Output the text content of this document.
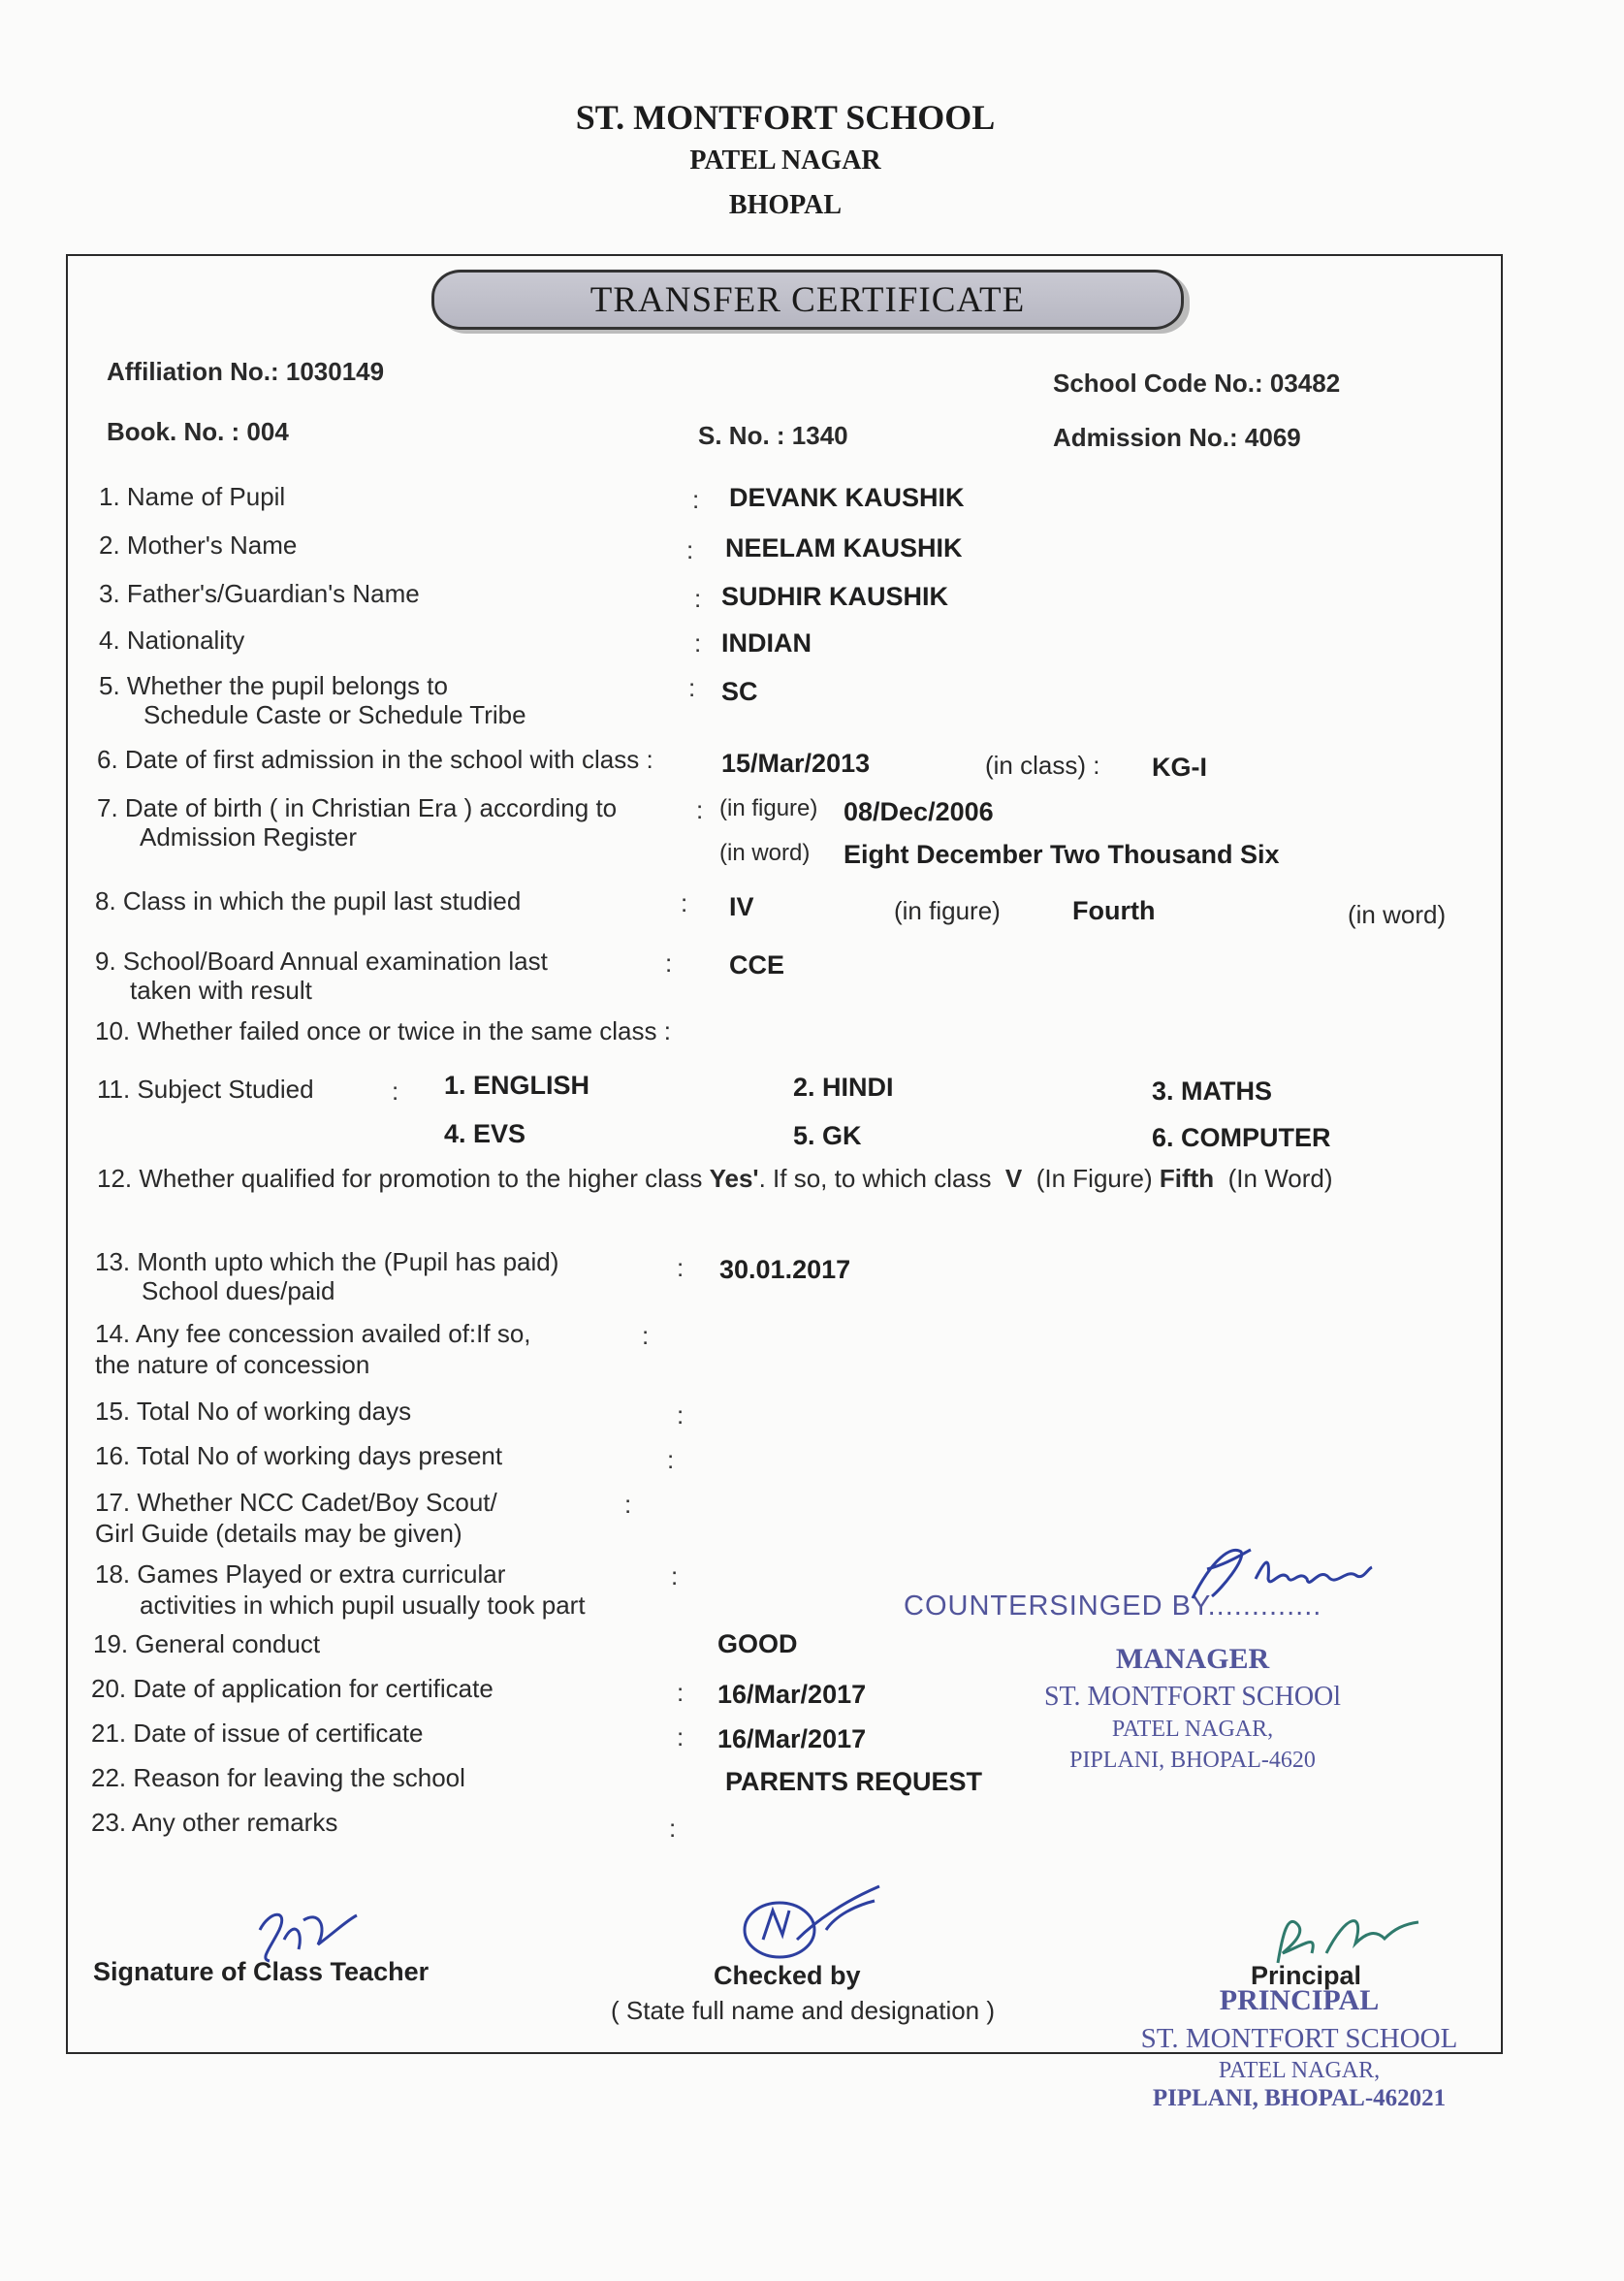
ST. MONTFORT SCHOOL
PATEL NAGAR
BHOPAL
TRANSFER CERTIFICATE
Affiliation No.: 1030149	School Code No.: 03482
Book. No. : 004	S. No. : 1340	Admission No.: 4069
1. Name of Pupil	: DEVANK KAUSHIK
2. Mother's Name	: NEELAM KAUSHIK
3. Father's/Guardian's Name	: SUDHIR KAUSHIK
4. Nationality	: INDIAN
5. Whether the pupil belongs to
Schedule Caste or Schedule Tribe
: SC
6. Date of first admission in the school with class :	15/Mar/2013	(in class) : KG-I
7. Date of birth ( in Christian Era ) according to
Admission Register
: (in figure) 08/Dec/2006
(in word) Eight December Two Thousand Six
8. Class in which the pupil last studied	: IV	(in figure)	Fourth	(in word)
9. School/Board Annual examination last
taken with result
: CCE
10. Whether failed once or twice in the same class :
11. Subject Studied	: 1. ENGLISH	2. HINDI	3. MATHS
4. EVS	5. GK	6. COMPUTER
12. Whether qualified for promotion to the higher class Yes'. If so, to which class V (In Figure) Fifth (In Word)
13. Month upto which the (Pupil has paid)
School dues/paid
: 30.01.2017
14. Any fee concession availed of:If so,
the nature of concession
:
15. Total No of working days	:
16. Total No of working days present	:
17. Whether NCC Cadet/Boy Scout/
Girl Guide (details may be given)
:
18. Games Played or extra curricular
activities in which pupil usually took part
:
19. General conduct	GOOD
20. Date of application for certificate	: 16/Mar/2017
21. Date of issue of certificate	: 16/Mar/2017
22. Reason for leaving the school	PARENTS REQUEST
23. Any other remarks	:
COUNTERSINGED BY.............
MANAGER
ST. MONTFORT SCHOOl
PATEL NAGAR,
PIPLANI, BHOPAL-4620
Signature of Class Teacher	Checked by
( State full name and designation )
Principal
PRINCIPAL
ST. MONTFORT SCHOOL
PATEL NAGAR,
PIPLANI, BHOPAL-462021
